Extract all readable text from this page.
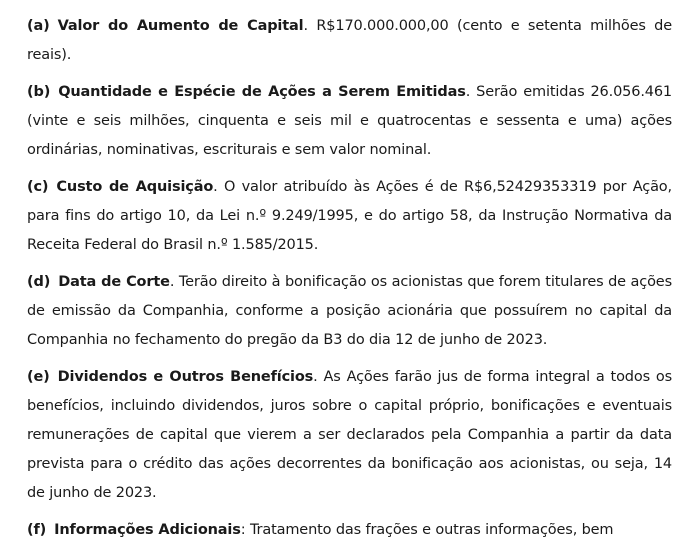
(a) Valor do Aumento de Capital. R$170.000.000,00 (cento e setenta milhões de reais).

(b) Quantidade e Espécie de Ações a Serem Emitidas. Serão emitidas 26.056.461 (vinte e seis milhões, cinquenta e seis mil e quatrocentas e sessenta e uma) ações ordinárias, nominativas, escriturais e sem valor nominal.

(c) Custo de Aquisição. O valor atribuído às Ações é de R$6,52429353319 por Ação, para fins do artigo 10, da Lei n.º 9.249/1995, e do artigo 58, da Instrução Normativa da Receita Federal do Brasil n.º 1.585/2015.

(d) Data de Corte. Terão direito à bonificação os acionistas que forem titulares de ações de emissão da Companhia, conforme a posição acionária que possuírem no capital da Companhia no fechamento do pregão da B3 do dia 12 de junho de 2023.

(e) Dividendos e Outros Benefícios. As Ações farão jus de forma integral a todos os benefícios, incluindo dividendos, juros sobre o capital próprio, bonificações e eventuais remunerações de capital que vierem a ser declarados pela Companhia a partir da data prevista para o crédito das ações decorrentes da bonificação aos acionistas, ou seja, 14 de junho de 2023.

(f) Informações Adicionais: Tratamento das frações e outras informações, bem
